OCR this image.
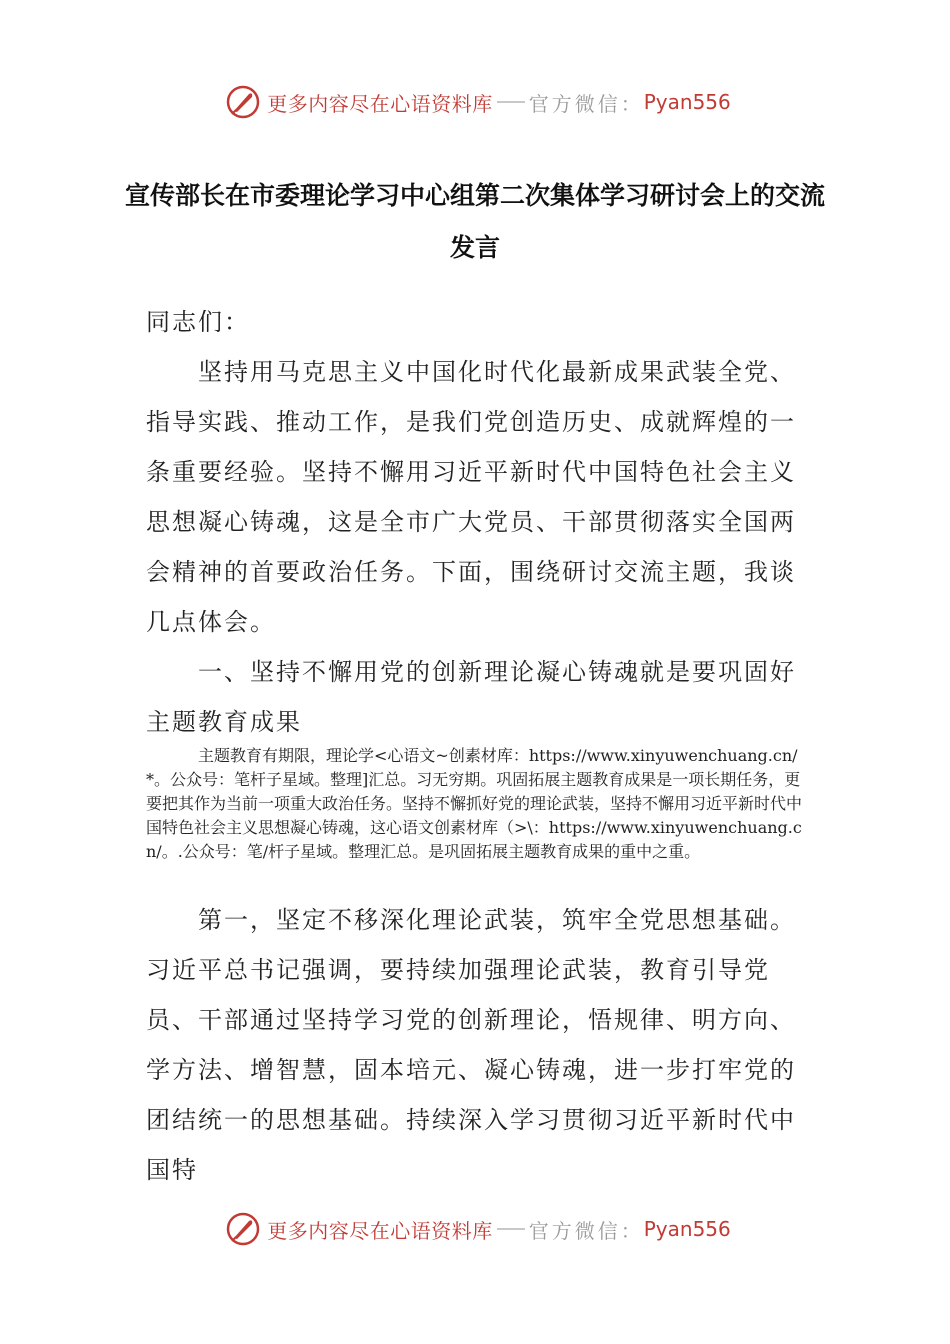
更多内容尽在心语资料库 官方微信： Pyan556
宣传部长在市委理论学习中心组第二次集体学习研讨会上的交流发言

同志们：

坚持用马克思主义中国化时代化最新成果武装全党、指导实践、推动工作，是我们党创造历史、成就辉煌的一条重要经验。坚持不懈用习近平新时代中国特色社会主义思想凝心铸魂，这是全市广大党员、干部贯彻落实全国两会精神的首要政治任务。下面，围绕研讨交流主题，我谈几点体会。

一、坚持不懈用党的创新理论凝心铸魂就是要巩固好主题教育成果

主题教育有期限，理论学<心语文~创素材库：https://www.xinyuwenchuang.cn/*。公众号：笔杆子星域。整理]汇总。习无穷期。巩固拓展主题教育成果是一项长期任务，更要把其作为当前一项重大政治任务。坚持不懈抓好党的理论武装，坚持不懈用习近平新时代中国特色社会主义思想凝心铸魂，这心语文创素材库（>\：https://www.xinyuwenchuang.cn/。.公众号：笔/杆子星域。整理汇总。是巩固拓展主题教育成果的重中之重。

第一，坚定不移深化理论武装，筑牢全党思想基础。习近平总书记强调，要持续加强理论武装，教育引导党员、干部通过坚持学习党的创新理论，悟规律、明方向、学方法、增智慧，固本培元、凝心铸魂，进一步打牢党的团结统一的思想基础。持续深入学习贯彻习近平新时代中国特

更多内容尽在心语资料库 官方微信： Pyan556
